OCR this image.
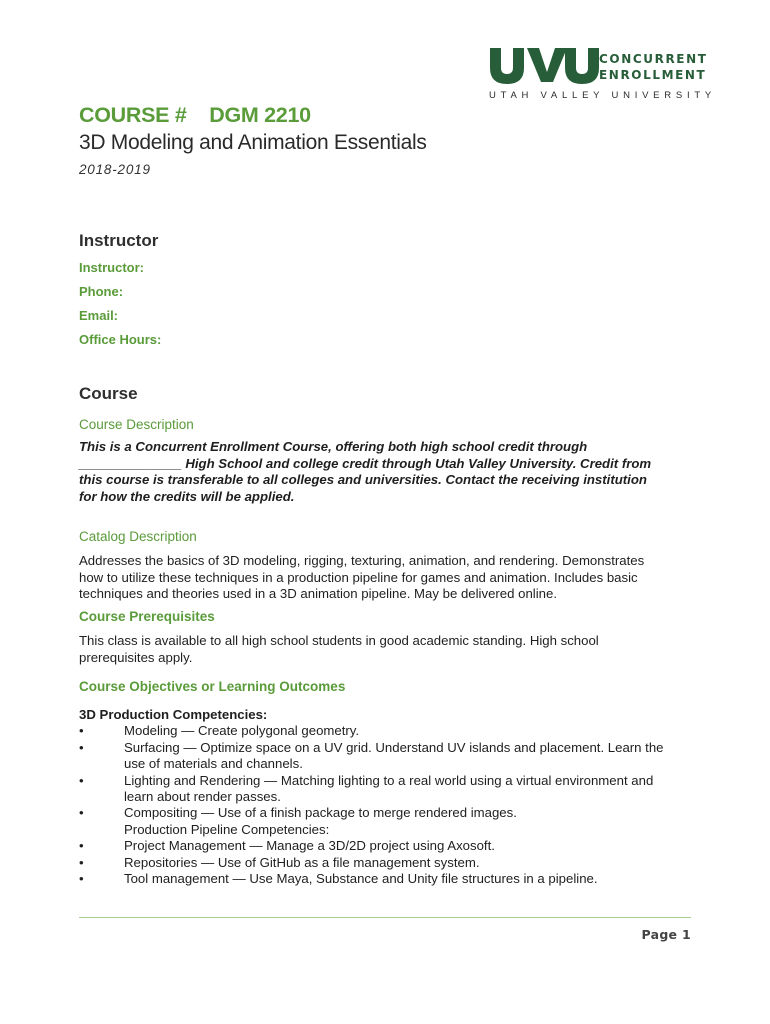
CONCURRENT
ENROLLMENT
UTAH VALLEY UNIVERSITY
COURSE # DGM 2210
3D Modeling and Animation Essentials
2018-2019
Instructor
Instructor:
Phone:
Email:
Office Hours:
Course
Course Description
This is a Concurrent Enrollment Course, offering both high school credit through
______________ High School and college credit through Utah Valley University. Credit from
this course is transferable to all colleges and universities. Contact the receiving institution
for how the credits will be applied.
Catalog Description
Addresses the basics of 3D modeling, rigging, texturing, animation, and rendering. Demonstrates
how to utilize these techniques in a production pipeline for games and animation. Includes basic
techniques and theories used in a 3D animation pipeline. May be delivered online.
Course Prerequisites
This class is available to all high school students in good academic standing. High school
prerequisites apply.
Course Objectives or Learning Outcomes
3D Production Competencies:
•	Modeling — Create polygonal geometry.
•	Surfacing — Optimize space on a UV grid. Understand UV islands and placement. Learn the
use of materials and channels.
•	Lighting and Rendering — Matching lighting to a real world using a virtual environment and
learn about render passes.
•	Compositing — Use of a finish package to merge rendered images.
Production Pipeline Competencies:
•	Project Management — Manage a 3D/2D project using Axosoft.
•	Repositories — Use of GitHub as a file management system.
•	Tool management — Use Maya, Substance and Unity file structures in a pipeline.
Page 1
